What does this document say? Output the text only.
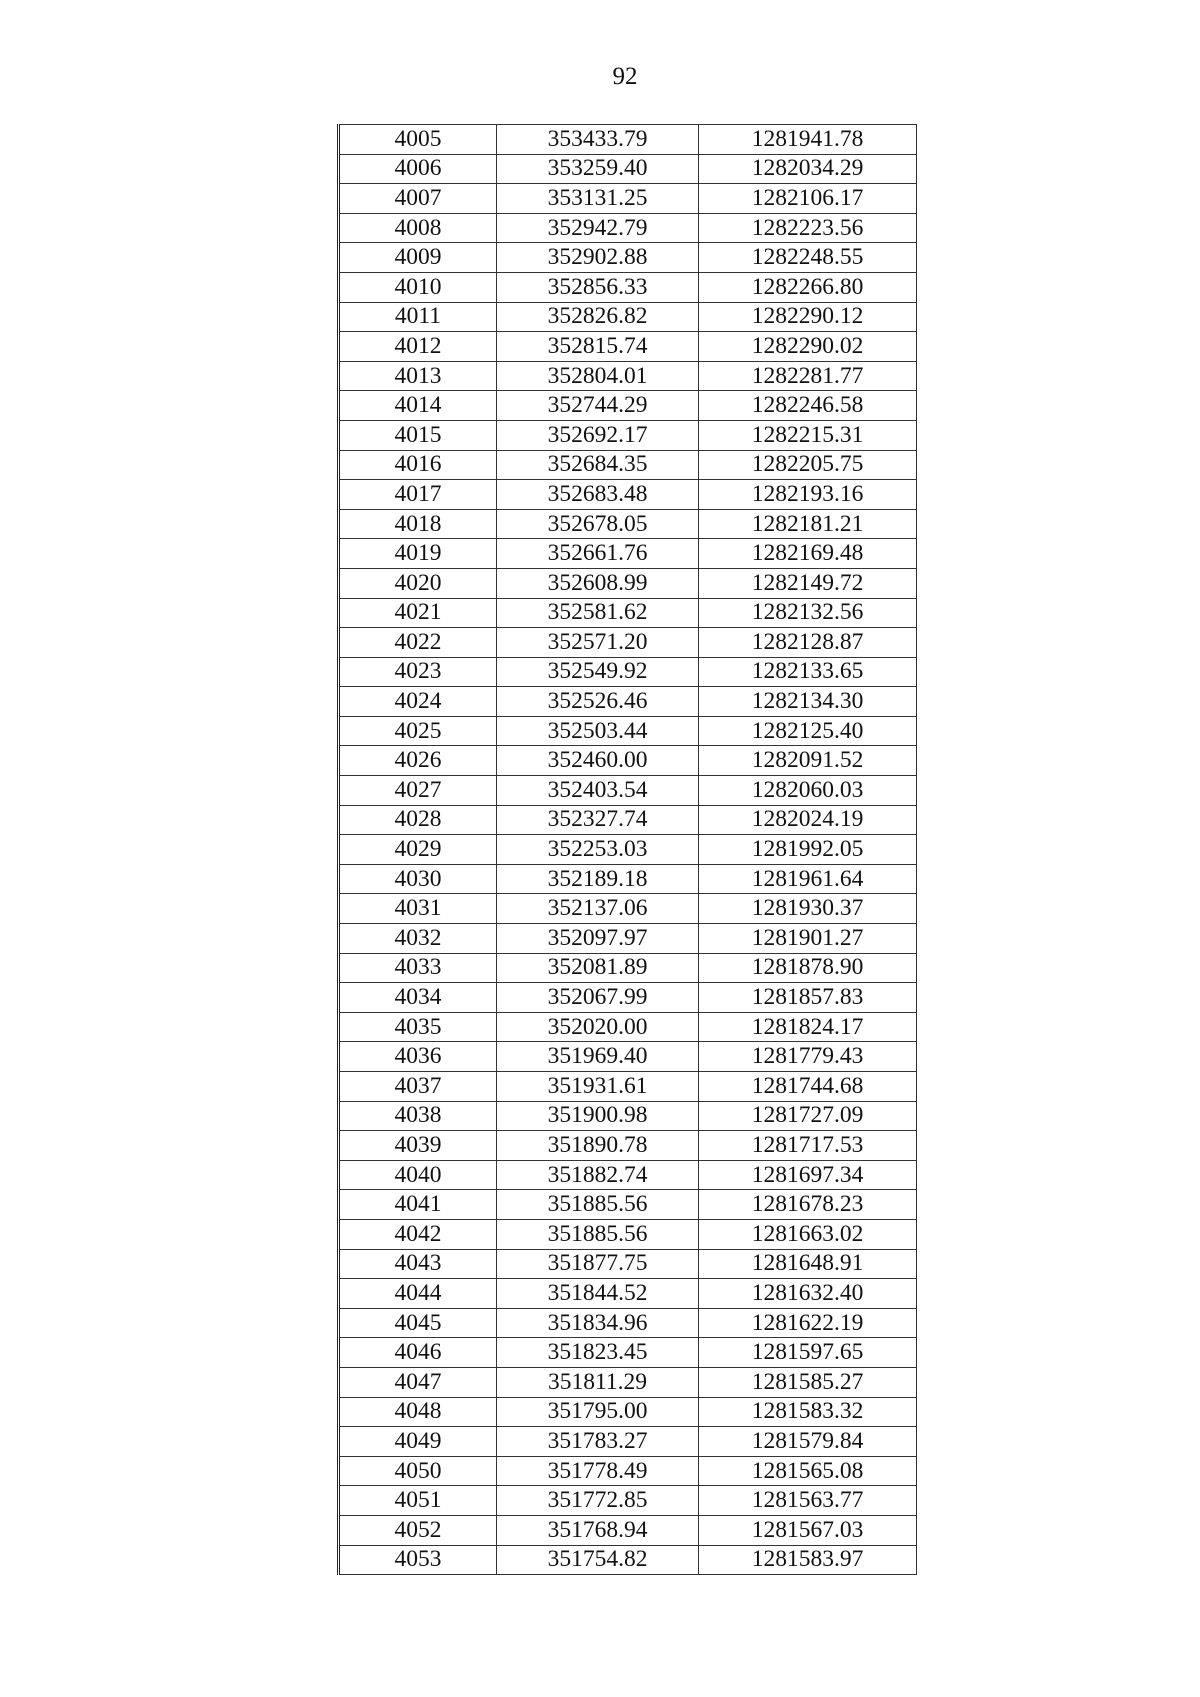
92
4005	353433.79	1281941.78
4006	353259.40	1282034.29
4007	353131.25	1282106.17
4008	352942.79	1282223.56
4009	352902.88	1282248.55
4010	352856.33	1282266.80
4011	352826.82	1282290.12
4012	352815.74	1282290.02
4013	352804.01	1282281.77
4014	352744.29	1282246.58
4015	352692.17	1282215.31
4016	352684.35	1282205.75
4017	352683.48	1282193.16
4018	352678.05	1282181.21
4019	352661.76	1282169.48
4020	352608.99	1282149.72
4021	352581.62	1282132.56
4022	352571.20	1282128.87
4023	352549.92	1282133.65
4024	352526.46	1282134.30
4025	352503.44	1282125.40
4026	352460.00	1282091.52
4027	352403.54	1282060.03
4028	352327.74	1282024.19
4029	352253.03	1281992.05
4030	352189.18	1281961.64
4031	352137.06	1281930.37
4032	352097.97	1281901.27
4033	352081.89	1281878.90
4034	352067.99	1281857.83
4035	352020.00	1281824.17
4036	351969.40	1281779.43
4037	351931.61	1281744.68
4038	351900.98	1281727.09
4039	351890.78	1281717.53
4040	351882.74	1281697.34
4041	351885.56	1281678.23
4042	351885.56	1281663.02
4043	351877.75	1281648.91
4044	351844.52	1281632.40
4045	351834.96	1281622.19
4046	351823.45	1281597.65
4047	351811.29	1281585.27
4048	351795.00	1281583.32
4049	351783.27	1281579.84
4050	351778.49	1281565.08
4051	351772.85	1281563.77
4052	351768.94	1281567.03
4053	351754.82	1281583.97
